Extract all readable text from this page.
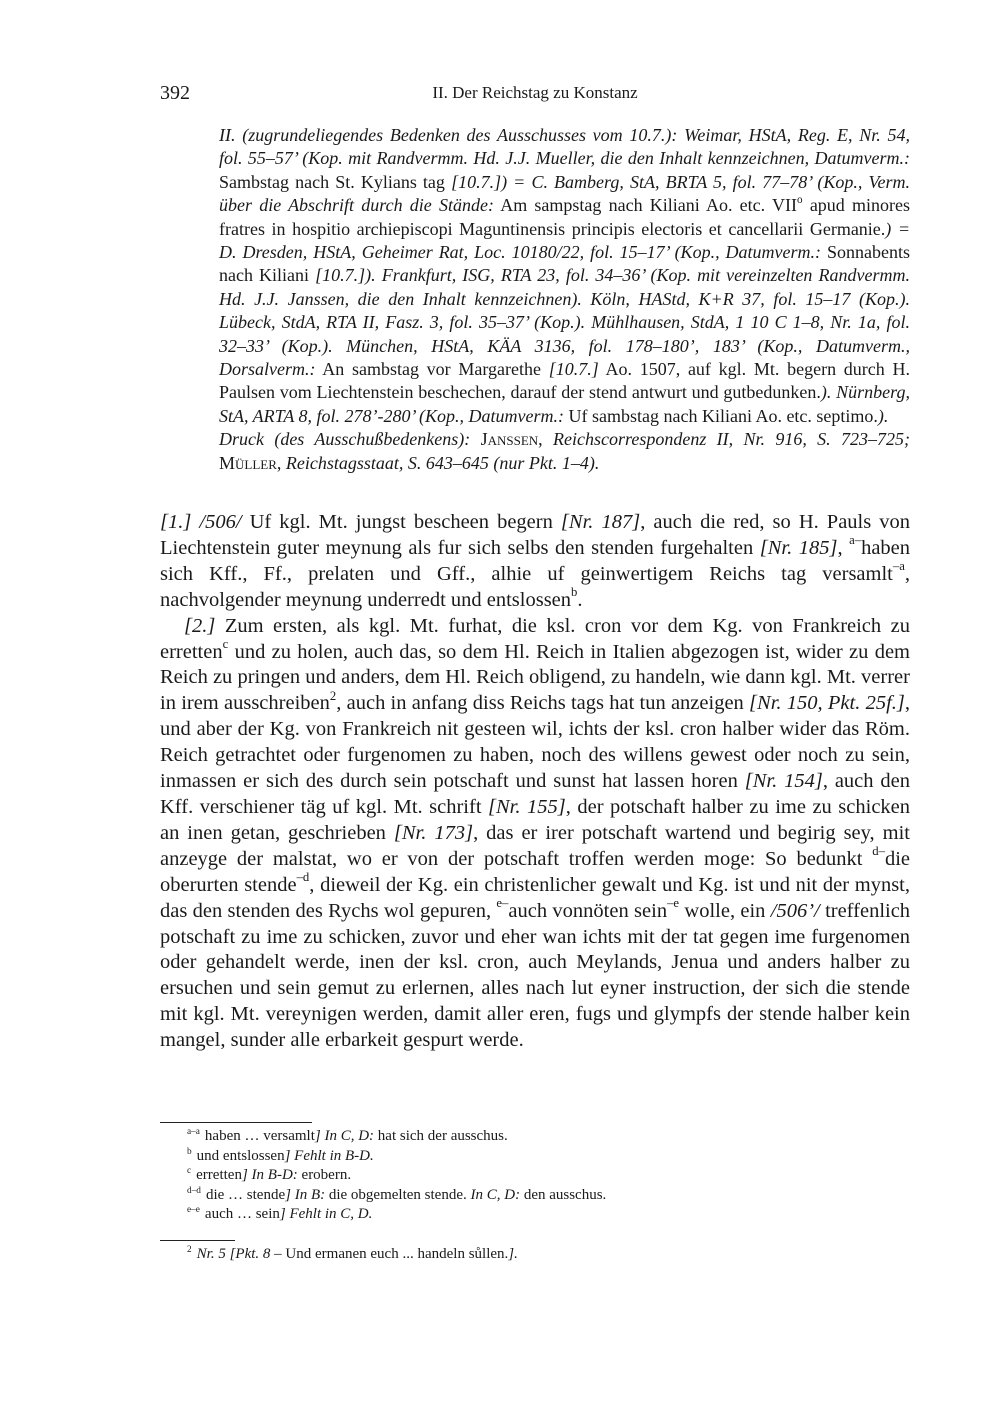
392	II. Der Reichstag zu Konstanz

II. (zugrundeliegendes Bedenken des Ausschusses vom 10.7.): Weimar, HStA, Reg. E, Nr. 54, fol. 55–57’ (Kop. mit Randvermm. Hd. J.J. Mueller, die den Inhalt kennzeichnen, Datumverm.: Sambstag nach St. Kylians tag [10.7.]) = C. Bamberg, StA, BRTA 5, fol. 77–78’ (Kop., Verm. über die Abschrift durch die Stände: Am sampstag nach Kiliani Ao. etc. VII$^o$ apud minores fratres in hospitio archiepiscopi Maguntinensis principis electoris et cancellarii Germanie.) = D. Dresden, HStA, Geheimer Rat, Loc. 10180/22, fol. 15–17’ (Kop., Datumverm.: Sonnabents nach Kiliani [10.7.]). Frankfurt, ISG, RTA 23, fol. 34–36’ (Kop. mit vereinzelten Randvermm. Hd. J.J. Janssen, die den Inhalt kennzeichnen). Köln, HAStd, K+R 37, fol. 15–17 (Kop.). Lübeck, StdA, RTA II, Fasz. 3, fol. 35–37’ (Kop.). Mühlhausen, StdA, 1 10 C 1–8, Nr. 1a, fol. 32–33’ (Kop.). München, HStA, KÄA 3136, fol. 178–180’, 183’ (Kop., Datumverm., Dorsalverm.: An sambstag vor Margarethe [10.7.] Ao. 1507, auf kgl. Mt. begern durch H. Paulsen vom Liechtenstein beschechen, darauf der stend antwurt und gutbedunken.). Nürnberg, StA, ARTA 8, fol. 278’-280’ (Kop., Datumverm.: Uf sambstag nach Kiliani Ao. etc. septimo.).

Druck (des Ausschußbedenkens): Janssen, Reichscorrespondenz II, Nr. 916, S. 723–725; Müller, Reichstagsstaat, S. 643–645 (nur Pkt. 1–4).

[1.] /506/ Uf kgl. Mt. jungst bescheen begern [Nr. 187], auch die red, so H. Pauls von Liechtenstein guter meynung als fur sich selbs den stenden furgehalten [Nr. 185], $^{a-}$haben sich Kff., Ff., prelaten und Gff., alhie uf geinwertigem Reichs tag versamlt$^{-a}$, nachvolgender meynung underredt und entslossen$^b$.

[2.] Zum ersten, als kgl. Mt. furhat, die ksl. cron vor dem Kg. von Frankreich zu erretten$^c$ und zu holen, auch das, so dem Hl. Reich in Italien abgezogen ist, wider zu dem Reich zu pringen und anders, dem Hl. Reich obligend, zu handeln, wie dann kgl. Mt. verrer in irem ausschreiben$^2$, auch in anfang diss Reichs tags hat tun anzeigen [Nr. 150, Pkt. 25f.], und aber der Kg. von Frankreich nit gesteen wil, ichts der ksl. cron halber wider das Röm. Reich getrachtet oder furgenomen zu haben, noch des willens gewest oder noch zu sein, inmassen er sich des durch sein potschaft und sunst hat lassen horen [Nr. 154], auch den Kff. verschiener täg uf kgl. Mt. schrift [Nr. 155], der potschaft halber zu ime zu schicken an inen getan, geschrieben [Nr. 173], das er irer potschaft wartend und begirig sey, mit anzeyge der malstat, wo er von der potschaft troffen werden moge: So bedunkt $^{d-}$die oberurten stende$^{-d}$, dieweil der Kg. ein christenlicher gewalt und Kg. ist und nit der mynst, das den stenden des Rychs wol gepuren, $^{e-}$auch vonnöten sein$^{-e}$ wolle, ein /506’/ treffenlich potschaft zu ime zu schicken, zuvor und eher wan ichts mit der tat gegen ime furgenomen oder gehandelt werde, inen der ksl. cron, auch Meylands, Jenua und anders halber zu ersuchen und sein gemut zu erlernen, alles nach lut eyner instruction, der sich die stende mit kgl. Mt. vereynigen werden, damit aller eren, fugs und glympfs der stende halber kein mangel, sunder alle erbarkeit gespurt werde.

$^{a-a}$ haben … versamlt] In C, D: hat sich der ausschus.
$^b$ und entslossen] Fehlt in B-D.
$^c$ erretten] In B-D: erobern.
$^{d-d}$ die … stende] In B: die obgemelten stende. In C, D: den ausschus.
$^{e-e}$ auch … sein] Fehlt in C, D.
$^2$ Nr. 5 [Pkt. 8 – Und ermanen euch ... handeln sůllen.].
